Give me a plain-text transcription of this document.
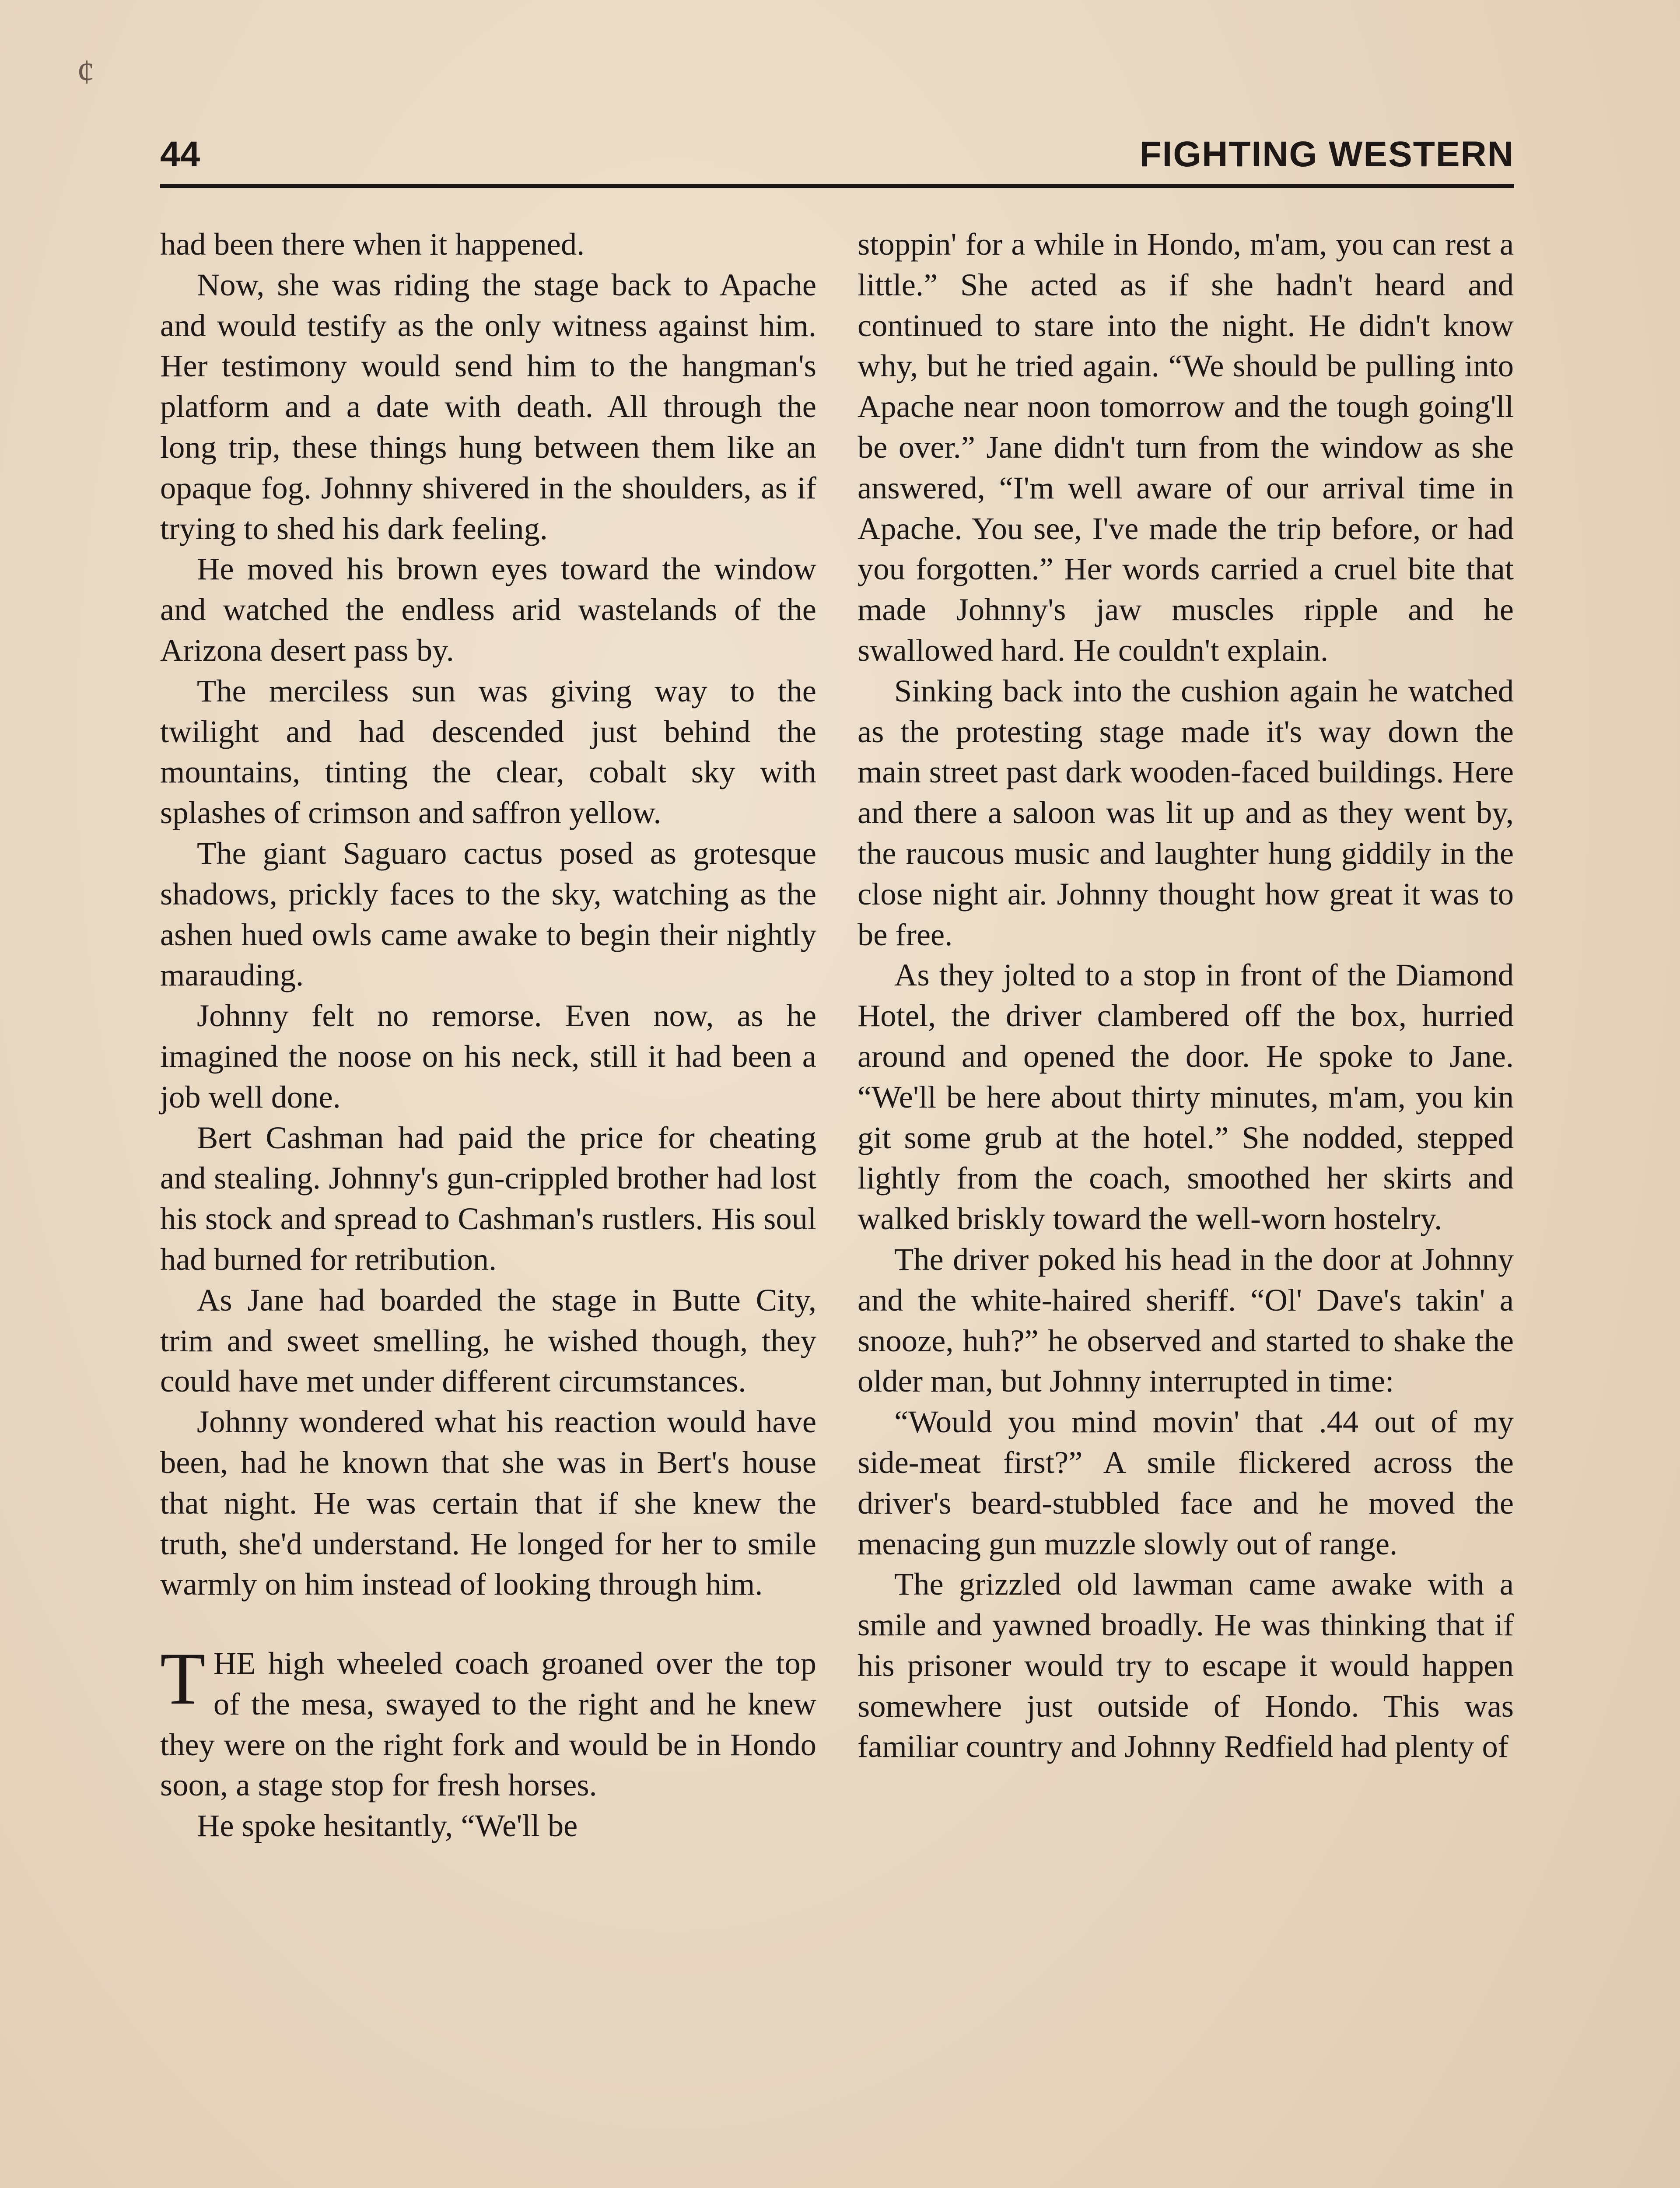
¢
44	FIGHTING WESTERN

had been there when it happened.

Now, she was riding the stage back to Apache and would testify as the only witness against him. Her testimony would send him to the hangman's platform and a date with death. All through the long trip, these things hung between them like an opaque fog. Johnny shivered in the shoulders, as if trying to shed his dark feeling.

He moved his brown eyes toward the window and watched the endless arid wastelands of the Arizona desert pass by.

The merciless sun was giving way to the twilight and had descended just behind the mountains, tinting the clear, cobalt sky with splashes of crimson and saffron yellow.

The giant Saguaro cactus posed as grotesque shadows, prickly faces to the sky, watching as the ashen hued owls came awake to begin their nightly marauding.

Johnny felt no remorse. Even now, as he imagined the noose on his neck, still it had been a job well done.

Bert Cashman had paid the price for cheating and stealing. Johnny's gun-crippled brother had lost his stock and spread to Cashman's rustlers. His soul had burned for retribution.

As Jane had boarded the stage in Butte City, trim and sweet smelling, he wished though, they could have met under different circumstances.

Johnny wondered what his reaction would have been, had he known that she was in Bert's house that night. He was certain that if she knew the truth, she'd understand. He longed for her to smile warmly on him instead of looking through him.

THE high wheeled coach groaned over the top of the mesa, swayed to the right and he knew they were on the right fork and would be in Hondo soon, a stage stop for fresh horses.

He spoke hesitantly, “We'll be

stoppin' for a while in Hondo, m'am, you can rest a little.” She acted as if she hadn't heard and continued to stare into the night. He didn't know why, but he tried again. “We should be pulling into Apache near noon tomorrow and the tough going'll be over.” Jane didn't turn from the window as she answered, “I'm well aware of our arrival time in Apache. You see, I've made the trip before, or had you forgotten.” Her words carried a cruel bite that made Johnny's jaw muscles ripple and he swallowed hard. He couldn't explain.

Sinking back into the cushion again he watched as the protesting stage made it's way down the main street past dark wooden-faced buildings. Here and there a saloon was lit up and as they went by, the raucous music and laughter hung giddily in the close night air. Johnny thought how great it was to be free.

As they jolted to a stop in front of the Diamond Hotel, the driver clambered off the box, hurried around and opened the door. He spoke to Jane. “We'll be here about thirty minutes, m'am, you kin git some grub at the hotel.” She nodded, stepped lightly from the coach, smoothed her skirts and walked briskly toward the well-worn hostelry.

The driver poked his head in the door at Johnny and the white-haired sheriff. “Ol' Dave's takin' a snooze, huh?” he observed and started to shake the older man, but Johnny interrupted in time:

“Would you mind movin' that .44 out of my side-meat first?” A smile flickered across the driver's beard-stubbled face and he moved the menacing gun muzzle slowly out of range.

The grizzled old lawman came awake with a smile and yawned broadly. He was thinking that if his prisoner would try to escape it would happen somewhere just outside of Hondo. This was familiar country and Johnny Redfield had plenty of
